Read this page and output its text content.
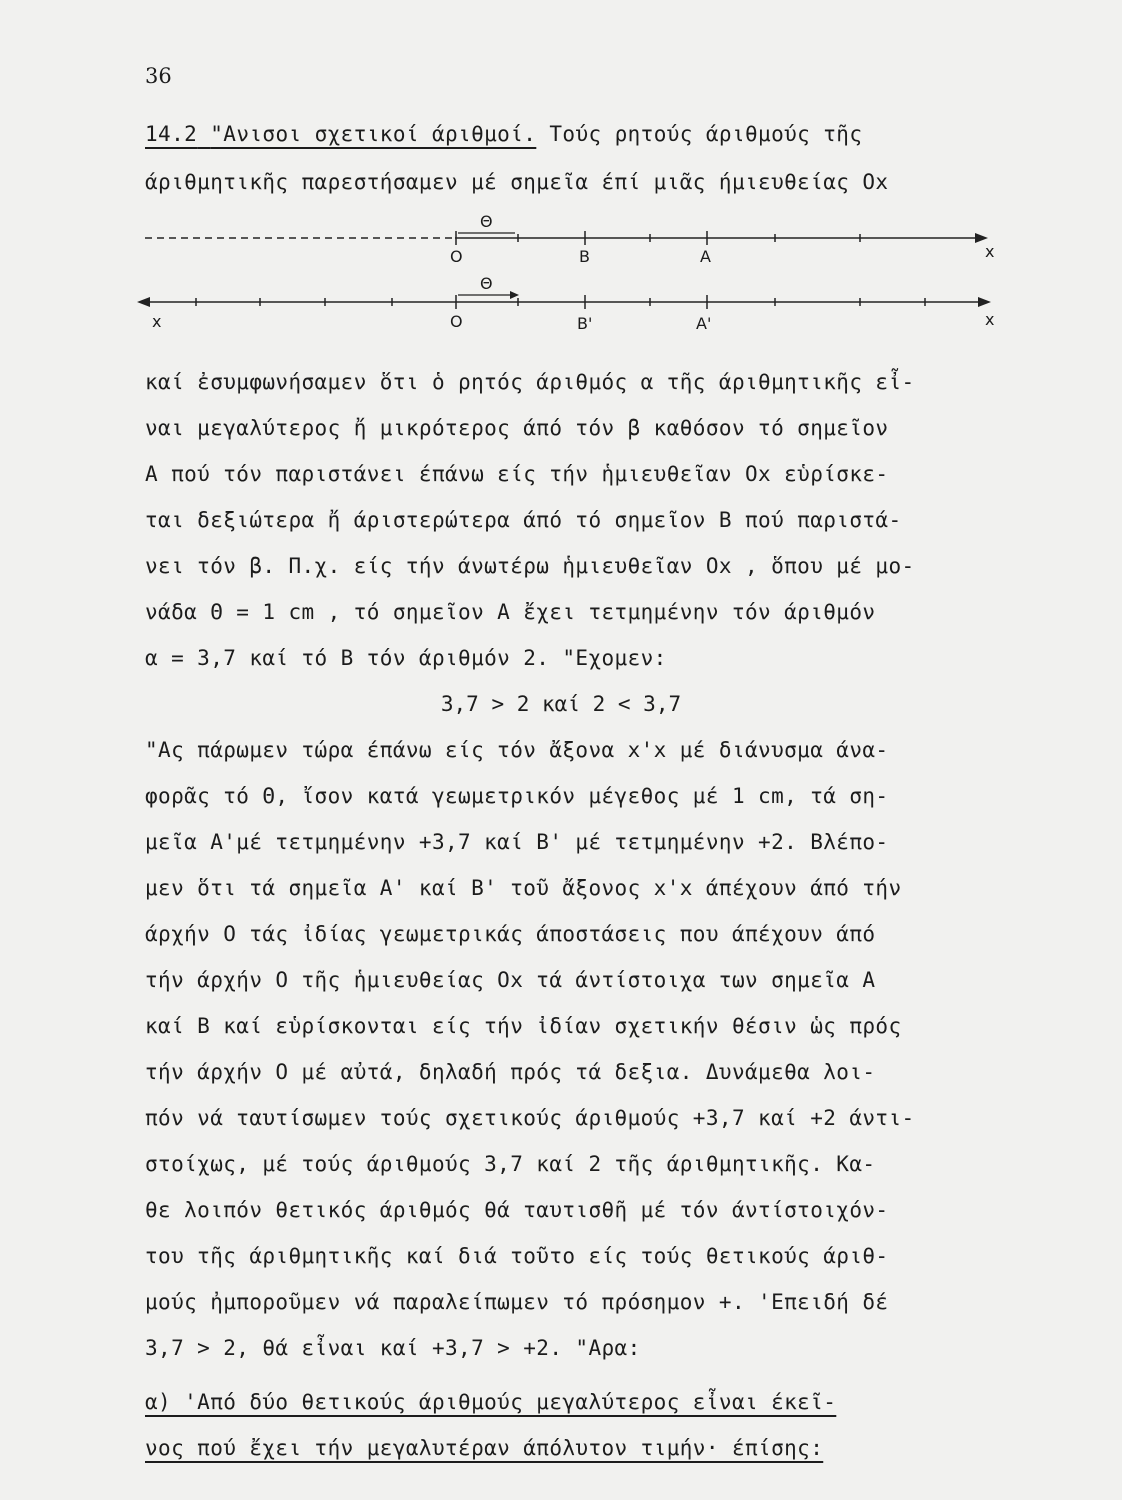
36
14.2 "Ανισοι σχετικοί άριθμοί. Τούς ρητούς άριθμούς τῆς
άριθμητικῆς παρεστήσαμεν μέ σημεῖα έπί μιᾶς ήμιευθείας Ox
Θ
O	B	A	x
Θ
x	O	B'	A'	x
καί ἐσυμφωνήσαμεν ὅτι ὁ ρητός άριθμός α τῆς άριθμητικῆς εἶ-
ναι μεγαλύτερος ἤ μικρότερος άπό τόν β καθόσον τό σημεῖον
Α πού τόν παριστάνει έπάνω είς τήν ἡμιευθεῖαν Ox εὑρίσκε-
ται δεξιώτερα ἤ άριστερώτερα άπό τό σημεῖον B πού παριστά-
νει τόν β. Π.χ. είς τήν άνωτέρω ἡμιευθεῖαν Ox , ὅπου μέ μο-
νάδα Θ = 1 cm , τό σημεῖον A ἔχει τετμημένην τόν άριθμόν
α = 3,7 καί τό B τόν άριθμόν 2. "Εχομεν:
3,7 > 2 καί 2 < 3,7
"Ας πάρωμεν τώρα έπάνω είς τόν ἄξονα x'x μέ διάνυσμα άνα-
φορᾶς τό Θ, ἴσον κατά γεωμετρικόν μέγεθος μέ 1 cm, τά ση-
μεῖα Α'μέ τετμημένην +3,7 καί Β' μέ τετμημένην +2. Βλέπο-
μεν ὅτι τά σημεῖα Α' καί Β' τοῦ ἄξονος x'x άπέχουν άπό τήν
άρχήν O τάς ἰδίας γεωμετρικάς άποστάσεις που άπέχουν άπό
τήν άρχήν O τῆς ἡμιευθείας Ox τά άντίστοιχα των σημεῖα A
καί B καί εὑρίσκονται είς τήν ἰδίαν σχετικήν θέσιν ὡς πρός
τήν άρχήν O μέ αὐτά, δηλαδή πρός τά δεξια. Δυνάμεθα λοι-
πόν νά ταυτίσωμεν τούς σχετικούς άριθμούς +3,7 καί +2 άντι-
στοίχως, μέ τούς άριθμούς 3,7 καί 2 τῆς άριθμητικῆς. Κα-
θε λοιπόν θετικός άριθμός θά ταυτισθῆ μέ τόν άντίστοιχόν-
του τῆς άριθμητικῆς καί διά τοῦτο είς τούς θετικούς άριθ-
μούς ἠμποροῦμεν νά παραλείπωμεν τό πρόσημον +. 'Επειδή δέ
3,7 > 2, θά εἶναι καί +3,7 > +2. "Αρα:
α) 'Από δύο θετικούς άριθμούς μεγαλύτερος εἶναι έκεῖ-
νος πού ἔχει τήν μεγαλυτέραν άπόλυτον τιμήν· έπίσης:
